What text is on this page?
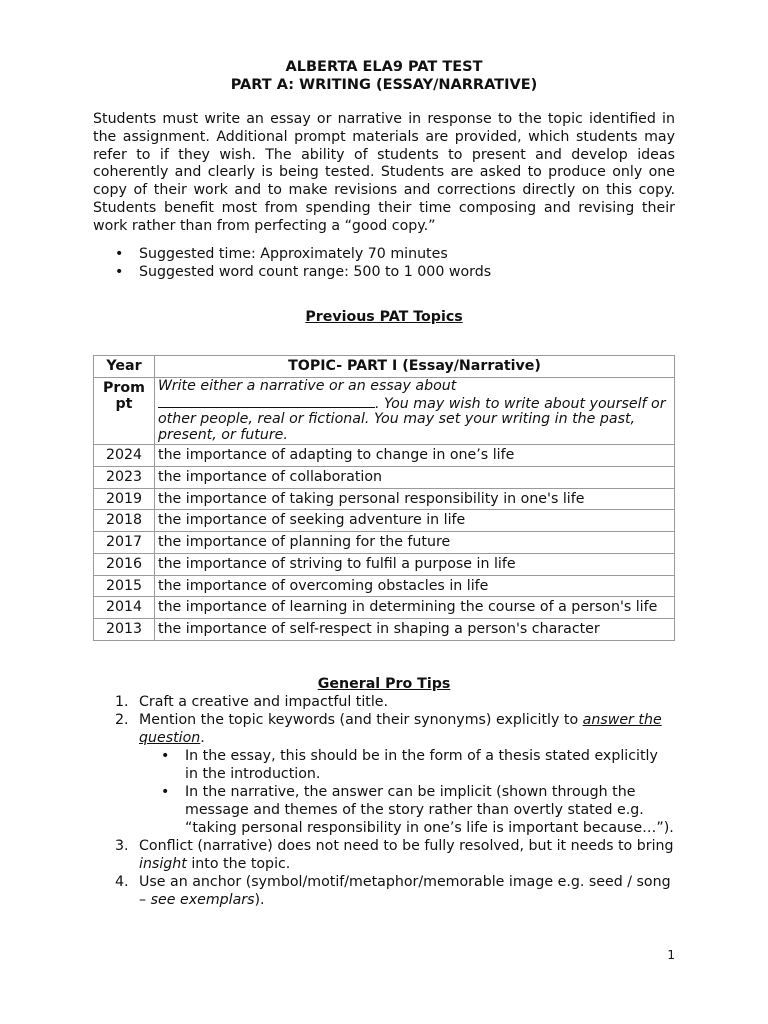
ALBERTA ELA9 PAT TEST
PART A: WRITING (ESSAY/NARRATIVE)

Students must write an essay or narrative in response to the topic identified in the assignment. Additional prompt materials are provided, which students may refer to if they wish. The ability of students to present and develop ideas coherently and clearly is being tested. Students are asked to produce only one copy of their work and to make revisions and corrections directly on this copy. Students benefit most from spending their time composing and revising their work rather than from perfecting a “good copy.”

• Suggested time: Approximately 70 minutes
• Suggested word count range: 500 to 1 000 words
Previous PAT Topics
Year	TOPIC- PART I (Essay/Narrative)

Prompt	Write either a narrative or an essay about. You may wish to write about yourself or other people, real or fictional. You may set your writing in the past, present, or future.
2024	the importance of adapting to change in one’s life
2023	the importance of collaboration
2019	the importance of taking personal responsibility in one's life
2018	the importance of seeking adventure in life
2017	the importance of planning for the future
2016	the importance of striving to fulfil a purpose in life
2015	the importance of overcoming obstacles in life
2014	the importance of learning in determining the course of a person's life
2013	the importance of self-respect in shaping a person's character
General Pro Tips
1. Craft a creative and impactful title.
2. Mention the topic keywords (and their synonyms) explicitly to answer the question.
• In the essay, this should be in the form of a thesis stated explicitly in the introduction.
• In the narrative, the answer can be implicit (shown through the message and themes of the story rather than overtly stated e.g. “taking personal responsibility in one’s life is important because…”).
3. Conflict (narrative) does not need to be fully resolved, but it needs to bring insight into the topic.
4. Use an anchor (symbol/motif/metaphor/memorable image e.g. seed / song – see exemplars).
1
